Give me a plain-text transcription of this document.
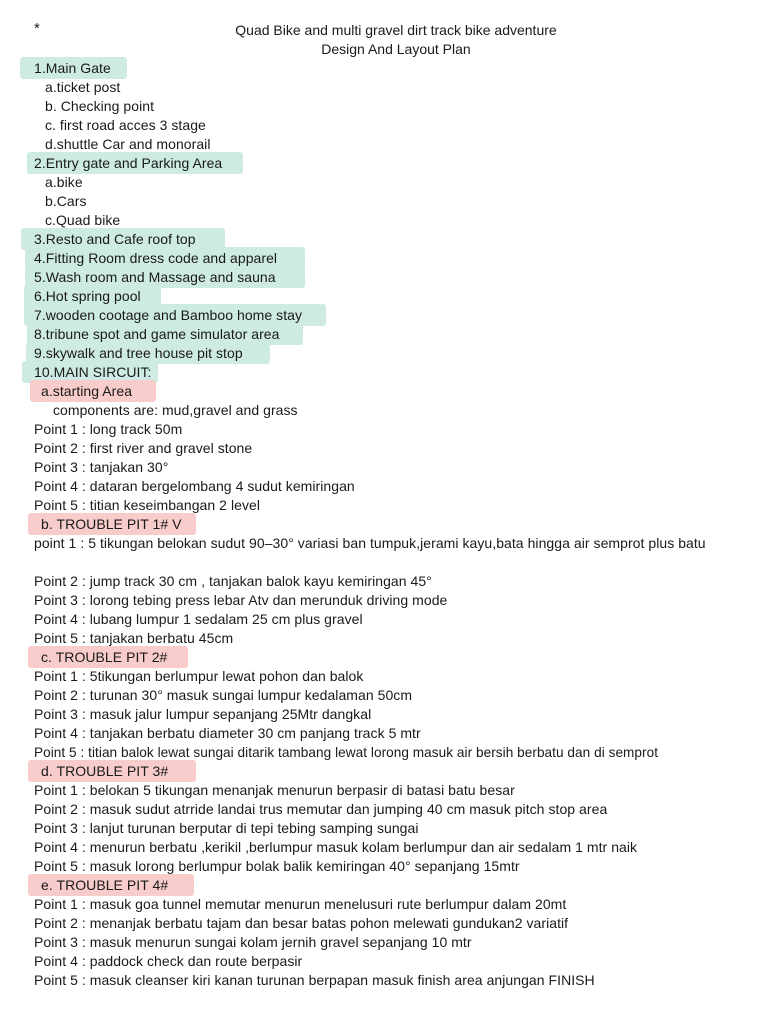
*	Quad Bike and multi gravel dirt track bike adventure
Design And Layout Plan
1.Main Gate
a.ticket post
b. Checking point
c. first road acces 3 stage
d.shuttle Car and monorail
2.Entry gate and Parking Area
a.bike
b.Cars
c.Quad bike
3.Resto and Cafe roof top
4.Fitting Room dress code and apparel
5.Wash room and Massage and sauna
6.Hot spring pool
7.wooden cootage and Bamboo home stay
8.tribune spot and game simulator area
9.skywalk and tree house pit stop
10.MAIN SIRCUIT:
a.starting Area
components are: mud,gravel and grass
Point 1 : long track 50m
Point 2 : first river and gravel stone
Point 3 : tanjakan 30°
Point 4 : dataran bergelombang 4 sudut kemiringan
Point 5 : titian keseimbangan 2 level
b. TROUBLE PIT 1# V
point 1 : 5 tikungan belokan sudut 90–30° variasi ban tumpuk,jerami kayu,bata hingga air semprot plus batu
Point 2 : jump track 30 cm , tanjakan balok kayu kemiringan 45°
Point 3 : lorong tebing press lebar Atv dan merunduk driving mode
Point 4 : lubang lumpur 1 sedalam 25 cm plus gravel
Point 5 : tanjakan berbatu 45cm
c. TROUBLE PIT 2#
Point 1 : 5tikungan berlumpur lewat pohon dan balok
Point 2 : turunan 30° masuk sungai lumpur kedalaman 50cm
Point 3 : masuk jalur lumpur sepanjang 25Mtr dangkal
Point 4 : tanjakan berbatu diameter 30 cm panjang track 5 mtr
Point 5 : titian balok lewat sungai ditarik tambang lewat lorong masuk air bersih berbatu dan di semprot
d. TROUBLE PIT 3#
Point 1 : belokan 5 tikungan menanjak menurun berpasir di batasi batu besar
Point 2 : masuk sudut atrride landai trus memutar dan jumping 40 cm masuk pitch stop area
Point 3 : lanjut turunan berputar di tepi tebing samping sungai
Point 4 : menurun berbatu ,kerikil ,berlumpur masuk kolam berlumpur dan air sedalam 1 mtr naik
Point 5 : masuk lorong berlumpur bolak balik kemiringan 40° sepanjang 15mtr
e. TROUBLE PIT 4#
Point 1 : masuk goa tunnel memutar menurun menelusuri rute berlumpur dalam 20mt
Point 2 : menanjak berbatu tajam dan besar batas pohon melewati gundukan2 variatif
Point 3 : masuk menurun sungai kolam jernih gravel sepanjang 10 mtr
Point 4 : paddock check dan route berpasir
Point 5 : masuk cleanser kiri kanan turunan berpapan masuk finish area anjungan FINISH
